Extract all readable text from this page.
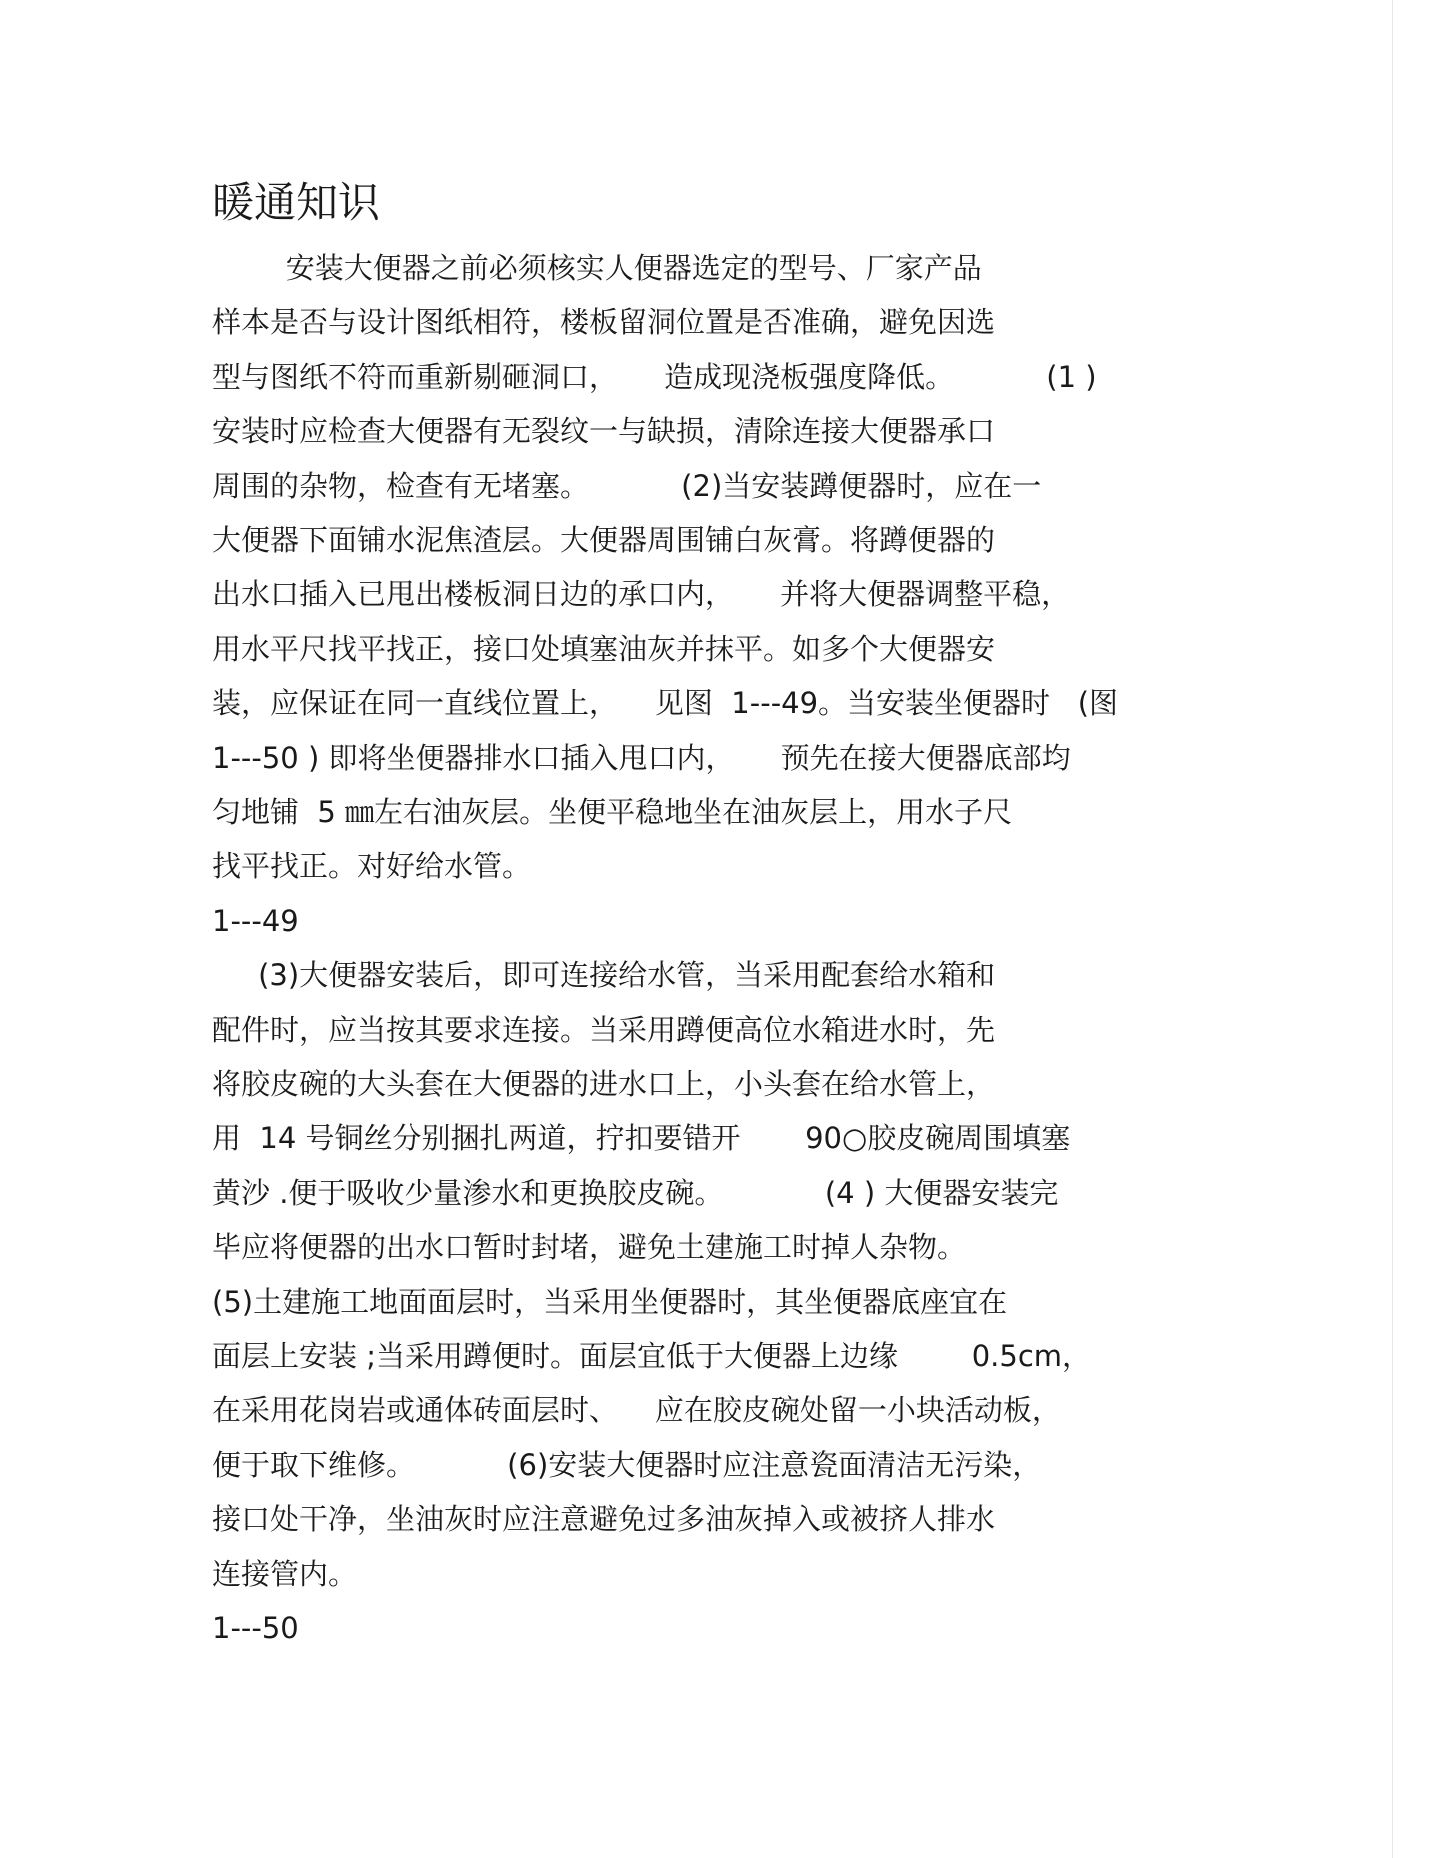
暖通知识

安装大便器之前必须核实人便器选定的型号、厂家产品

样本是否与设计图纸相符，楼板留洞位置是否准确，避免因选

型与图纸不符而重新剔砸洞口，     造成现浇板强度降低。          (1 )

安装时应检查大便器有无裂纹一与缺损，清除连接大便器承口

周围的杂物，检查有无堵塞。          (2)当安装蹲便器时，应在一

大便器下面铺水泥焦渣层。大便器周围铺白灰膏。将蹲便器的

出水口插入已甩出楼板洞日边的承口内，     并将大便器调整平稳，

用水平尺找平找正，接口处填塞油灰并抹平。如多个大便器安

装，应保证在同一直线位置上，    见图  1---49。当安装坐便器时   (图

1---50 ) 即将坐便器排水口插入甩口内，     预先在接大便器底部均

匀地铺  5 ㎜左右油灰层。坐便平稳地坐在油灰层上，用水子尺

找平找正。对好给水管。

1---49

(3)大便器安装后，即可连接给水管，当采用配套给水箱和

配件时，应当按其要求连接。当采用蹲便高位水箱进水时，先

将胶皮碗的大头套在大便器的进水口上，小头套在给水管上，

用  14 号铜丝分别捆扎两道，拧扣要错开       90○胶皮碗周围填塞

黄沙 .便于吸收少量渗水和更换胶皮碗。           (4 ) 大便器安装完

毕应将便器的出水口暂时封堵，避免土建施工时掉人杂物。

(5)土建施工地面面层时，当采用坐便器时，其坐便器底座宜在

面层上安装 ;当采用蹲便时。面层宜低于大便器上边缘        0.5cm，

在采用花岗岩或通体砖面层时、    应在胶皮碗处留一小块活动板，

便于取下维修。          (6)安装大便器时应注意瓷面清洁无污染，

接口处干净，坐油灰时应注意避免过多油灰掉入或被挤人排水

连接管内。

1---50
